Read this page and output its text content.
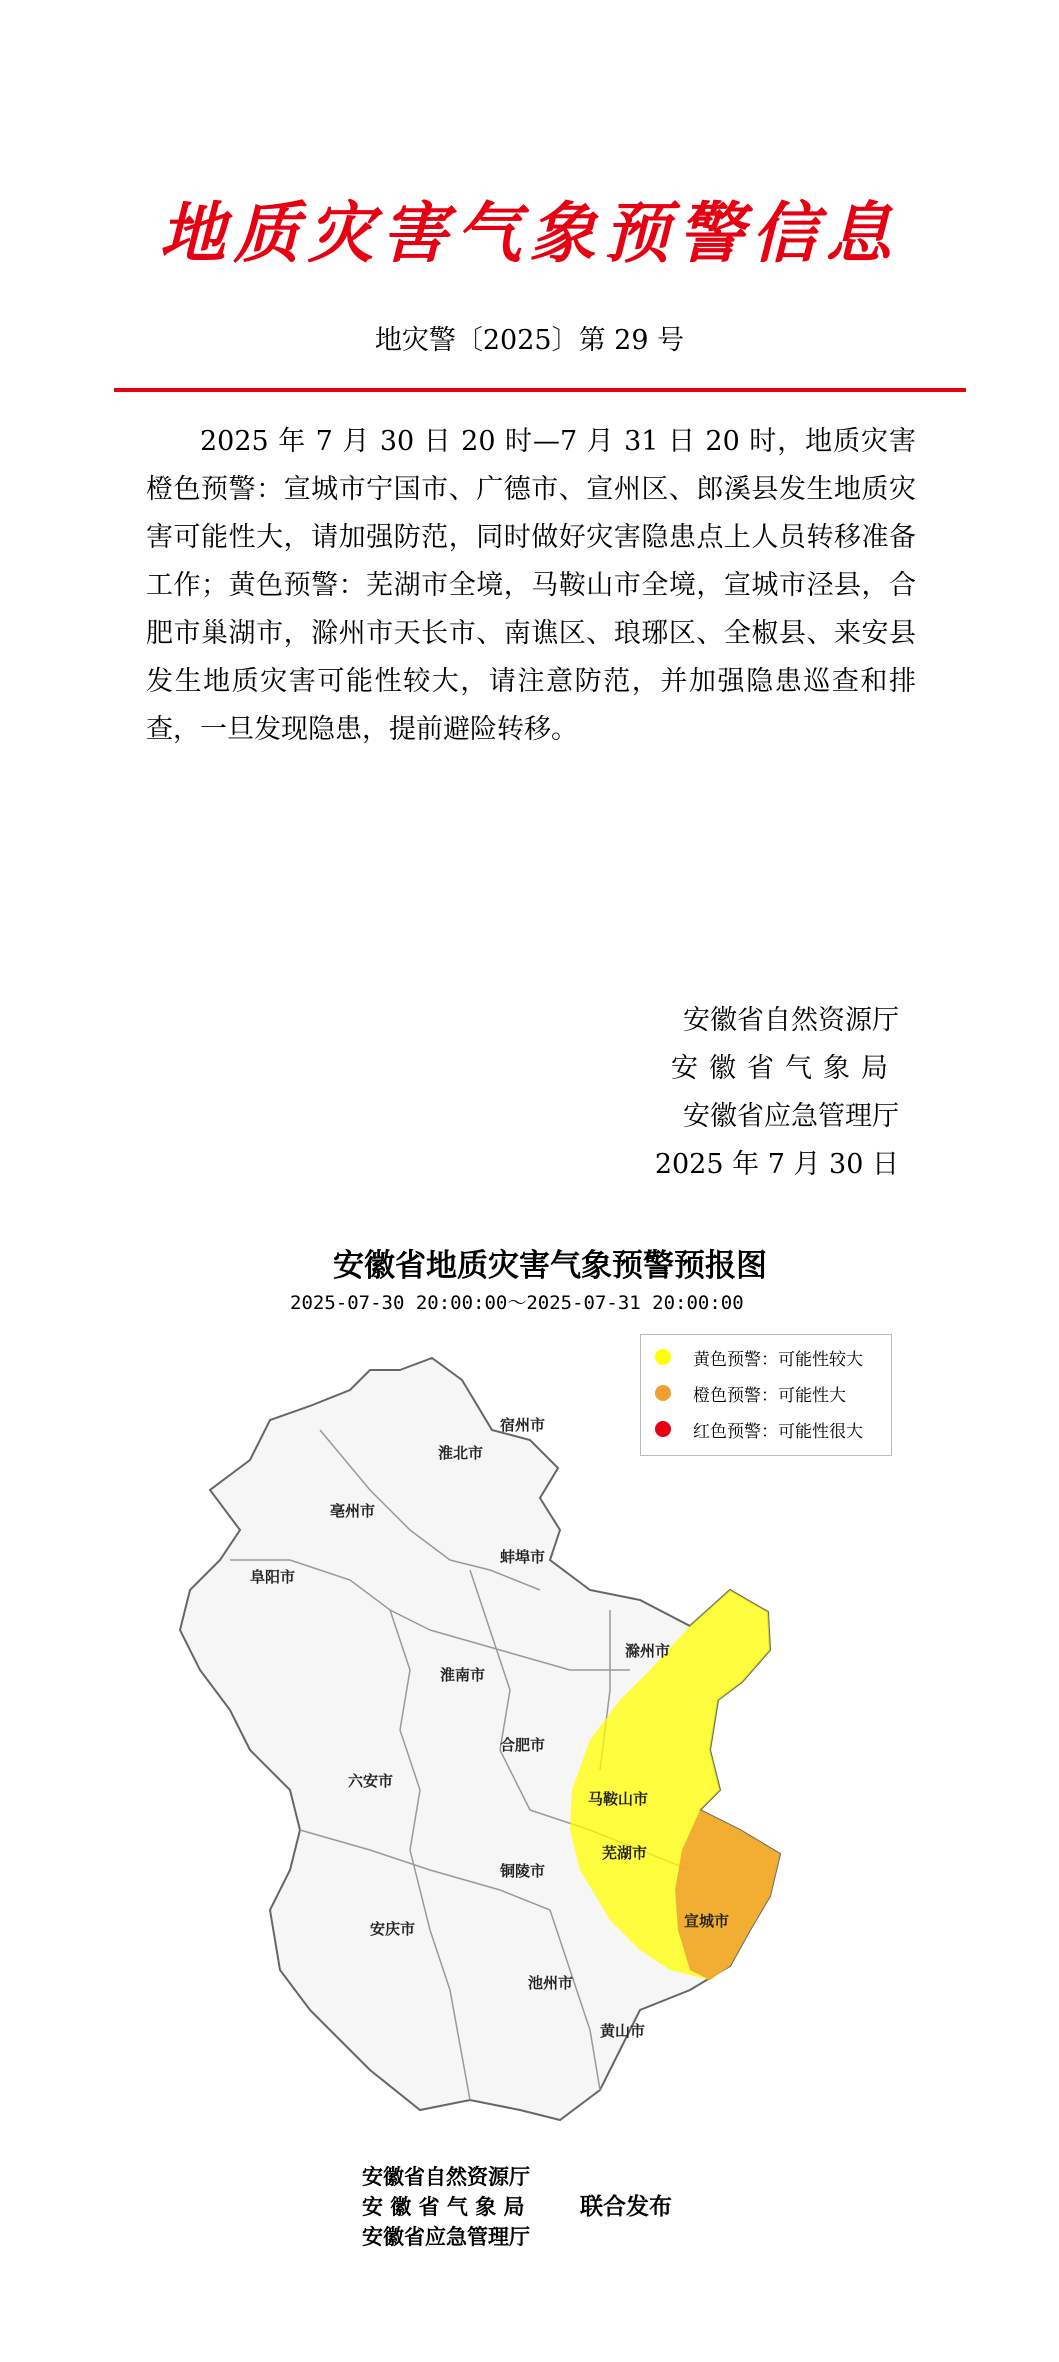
地质灾害气象预警信息
地灾警〔2025〕第 29 号
2025 年 7 月 30 日 20 时—7 月 31 日 20 时，地质灾害橙色预警：宣城市宁国市、广德市、宣州区、郎溪县发生地质灾害可能性大，请加强防范，同时做好灾害隐患点上人员转移准备工作；黄色预警：芜湖市全境，马鞍山市全境，宣城市泾县，合肥市巢湖市，滁州市天长市、南谯区、琅琊区、全椒县、来安县发生地质灾害可能性较大，请注意防范，并加强隐患巡查和排查，一旦发现隐患，提前避险转移。
安徽省自然资源厅
安徽省气象局
安徽省应急管理厅
2025 年 7 月 30 日
安徽省地质灾害气象预警预报图
2025-07-30 20:00:00～2025-07-31 20:00:00
黄色预警：可能性较大
橙色预警：可能性大
红色预警：可能性很大
宿州市
淮北市
亳州市
阜阳市
蚌埠市
淮南市
滁州市
合肥市
六安市
马鞍山市
芜湖市
宣城市
铜陵市
安庆市
池州市
黄山市
安徽省自然资源厅
安 徽 省 气 象 局
安徽省应急管理厅
联合发布
